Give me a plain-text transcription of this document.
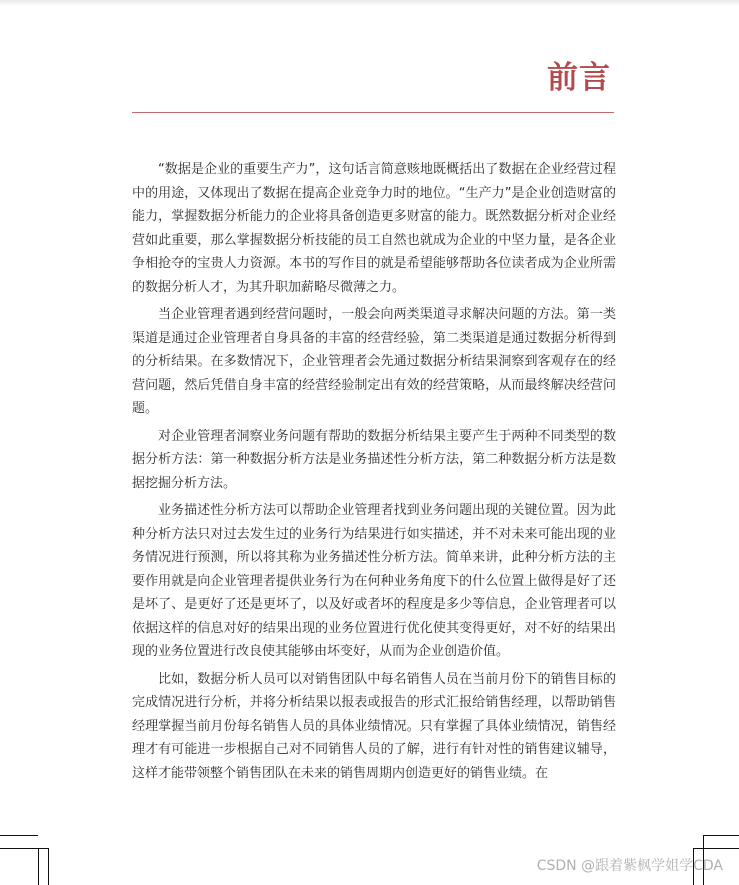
前言

“数据是企业的重要生产力”，这句话言简意赅地既概括出了数据在企业经营过程中的用途，又体现出了数据在提高企业竞争力时的地位。“生产力”是企业创造财富的能力，掌握数据分析能力的企业将具备创造更多财富的能力。既然数据分析对企业经营如此重要，那么掌握数据分析技能的员工自然也就成为企业的中坚力量，是各企业争相抢夺的宝贵人力资源。本书的写作目的就是希望能够帮助各位读者成为企业所需的数据分析人才，为其升职加薪略尽微薄之力。

当企业管理者遇到经营问题时，一般会向两类渠道寻求解决问题的方法。第一类渠道是通过企业管理者自身具备的丰富的经营经验，第二类渠道是通过数据分析得到的分析结果。在多数情况下，企业管理者会先通过数据分析结果洞察到客观存在的经营问题，然后凭借自身丰富的经营经验制定出有效的经营策略，从而最终解决经营问题。

对企业管理者洞察业务问题有帮助的数据分析结果主要产生于两种不同类型的数据分析方法：第一种数据分析方法是业务描述性分析方法，第二种数据分析方法是数据挖掘分析方法。

业务描述性分析方法可以帮助企业管理者找到业务问题出现的关键位置。因为此种分析方法只对过去发生过的业务行为结果进行如实描述，并不对未来可能出现的业务情况进行预测，所以将其称为业务描述性分析方法。简单来讲，此种分析方法的主要作用就是向企业管理者提供业务行为在何种业务角度下的什么位置上做得是好了还是坏了、是更好了还是更坏了，以及好或者坏的程度是多少等信息，企业管理者可以依据这样的信息对好的结果出现的业务位置进行优化使其变得更好，对不好的结果出现的业务位置进行改良使其能够由坏变好，从而为企业创造价值。

比如，数据分析人员可以对销售团队中每名销售人员在当前月份下的销售目标的完成情况进行分析，并将分析结果以报表或报告的形式汇报给销售经理，以帮助销售经理掌握当前月份每名销售人员的具体业绩情况。只有掌握了具体业绩情况，销售经理才有可能进一步根据自己对不同销售人员的了解，进行有针对性的销售建议辅导，这样才能带领整个销售团队在未来的销售周期内创造更好的销售业绩。在

CSDN @跟着紫枫学姐学CDA
